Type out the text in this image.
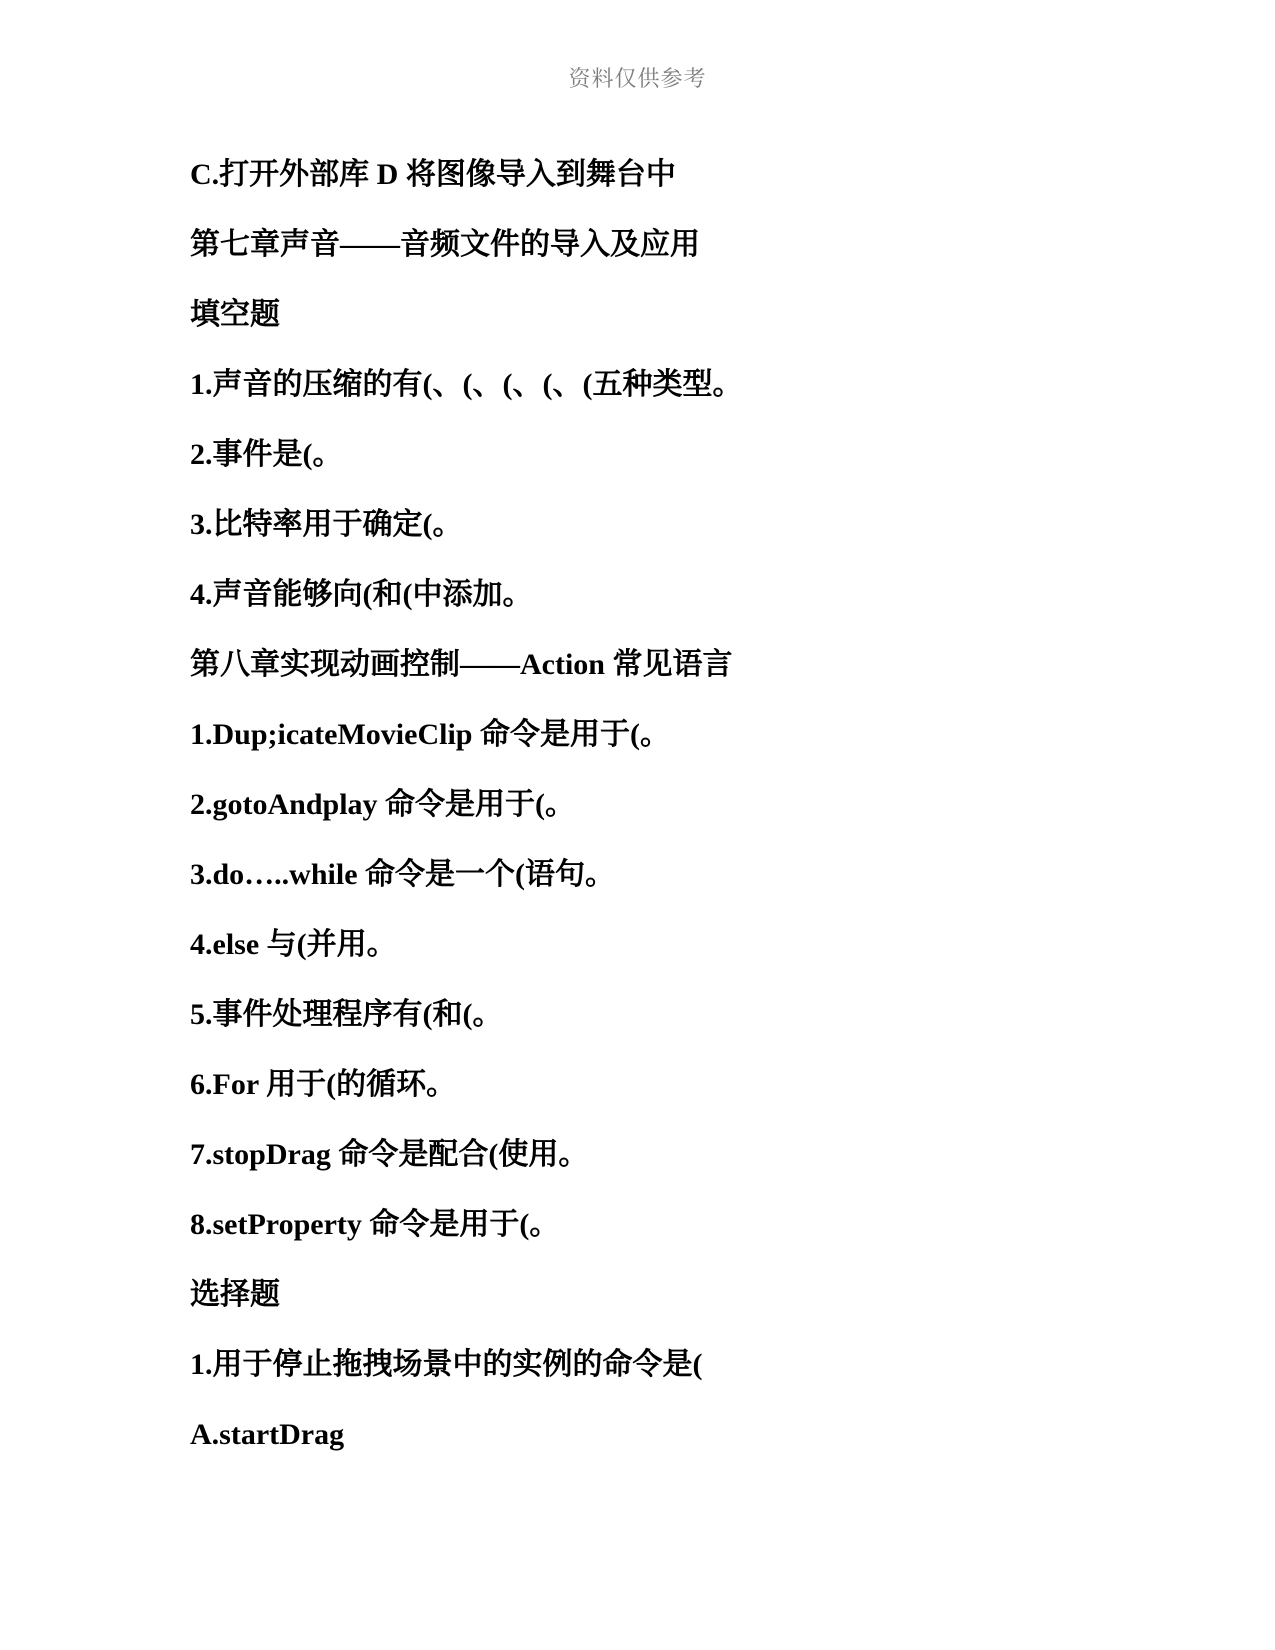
资料仅供参考

C.打开外部库 D 将图像导入到舞台中

第七章声音——音频文件的导入及应用

填空题

1.声音的压缩的有(、(、(、(、(五种类型。

2.事件是(。

3.比特率用于确定(。

4.声音能够向(和(中添加。

第八章实现动画控制——Action 常见语言

1.Dup;icateMovieClip 命令是用于(。

2.gotoAndplay 命令是用于(。

3.do…..while 命令是一个(语句。

4.else 与(并用。

5.事件处理程序有(和(。

6.For 用于(的循环。

7.stopDrag 命令是配合(使用。

8.setProperty 命令是用于(。

选择题

1.用于停止拖拽场景中的实例的命令是(

A.startDrag
